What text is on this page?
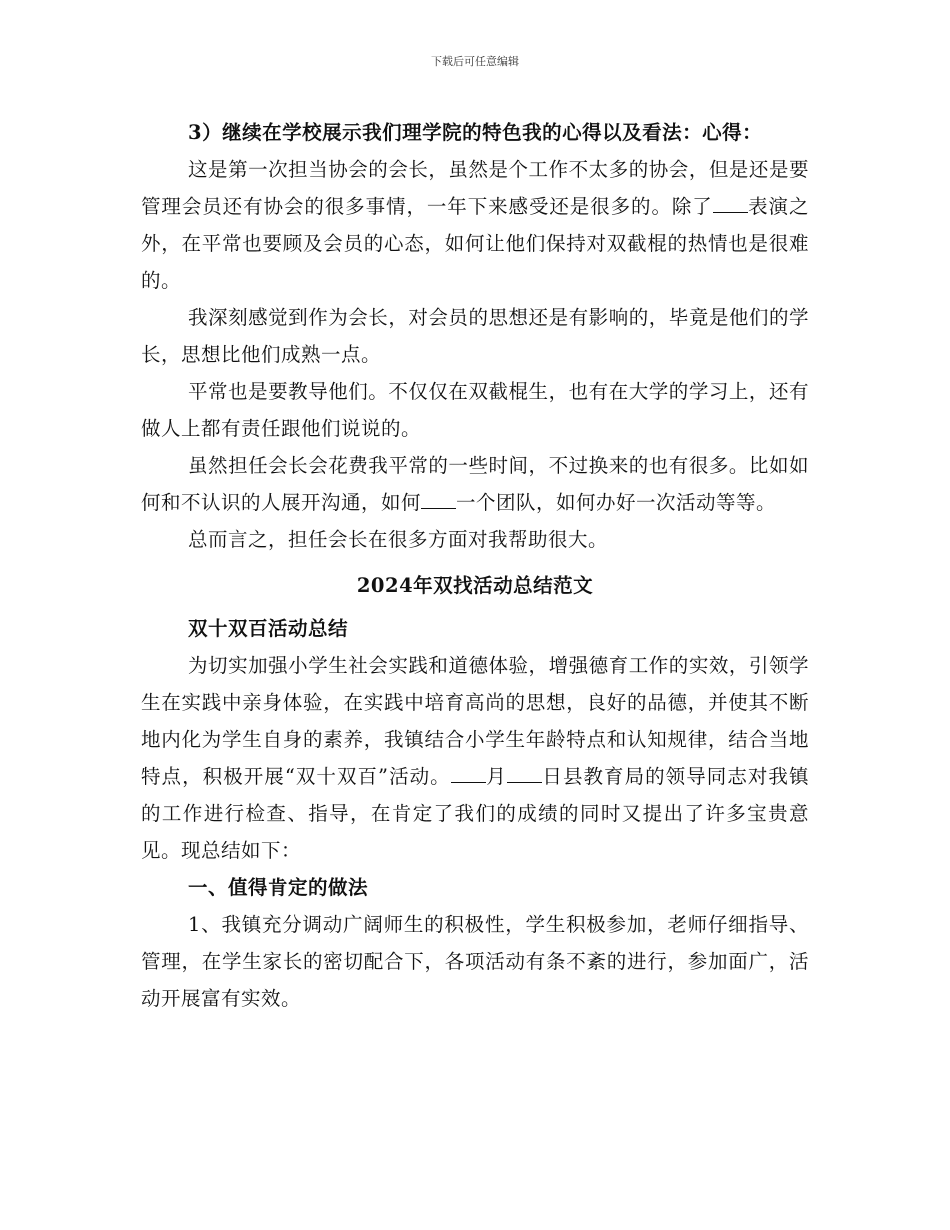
下载后可任意编辑

3）继续在学校展示我们理学院的特色我的心得以及看法：心得：

这是第一次担当协会的会长，虽然是个工作不太多的协会，但是还是要管理会员还有协会的很多事情，一年下来感受还是很多的。除了 表演之外，在平常也要顾及会员的心态，如何让他们保持对双截棍的热情也是很难的。

我深刻感觉到作为会长，对会员的思想还是有影响的，毕竟是他们的学长，思想比他们成熟一点。

平常也是要教导他们。不仅仅在双截棍生，也有在大学的学习上，还有做人上都有责任跟他们说说的。

虽然担任会长会花费我平常的一些时间，不过换来的也有很多。比如如何和不认识的人展开沟通，如何 一个团队，如何办好一次活动等等。

总而言之，担任会长在很多方面对我帮助很大。

2024年双找活动总结范文

双十双百活动总结

为切实加强小学生社会实践和道德体验，增强德育工作的实效，引领学生在实践中亲身体验，在实践中培育高尚的思想，良好的品德，并使其不断地内化为学生自身的素养，我镇结合小学生年龄特点和认知规律，结合当地特点，积极开展“双十双百”活动。 月 日县教育局的领导同志对我镇的工作进行检查、指导，在肯定了我们的成绩的同时又提出了许多宝贵意见。现总结如下：

一、值得肯定的做法

1、我镇充分调动广阔师生的积极性，学生积极参加，老师仔细指导、管理，在学生家长的密切配合下，各项活动有条不紊的进行，参加面广，活动开展富有实效。
